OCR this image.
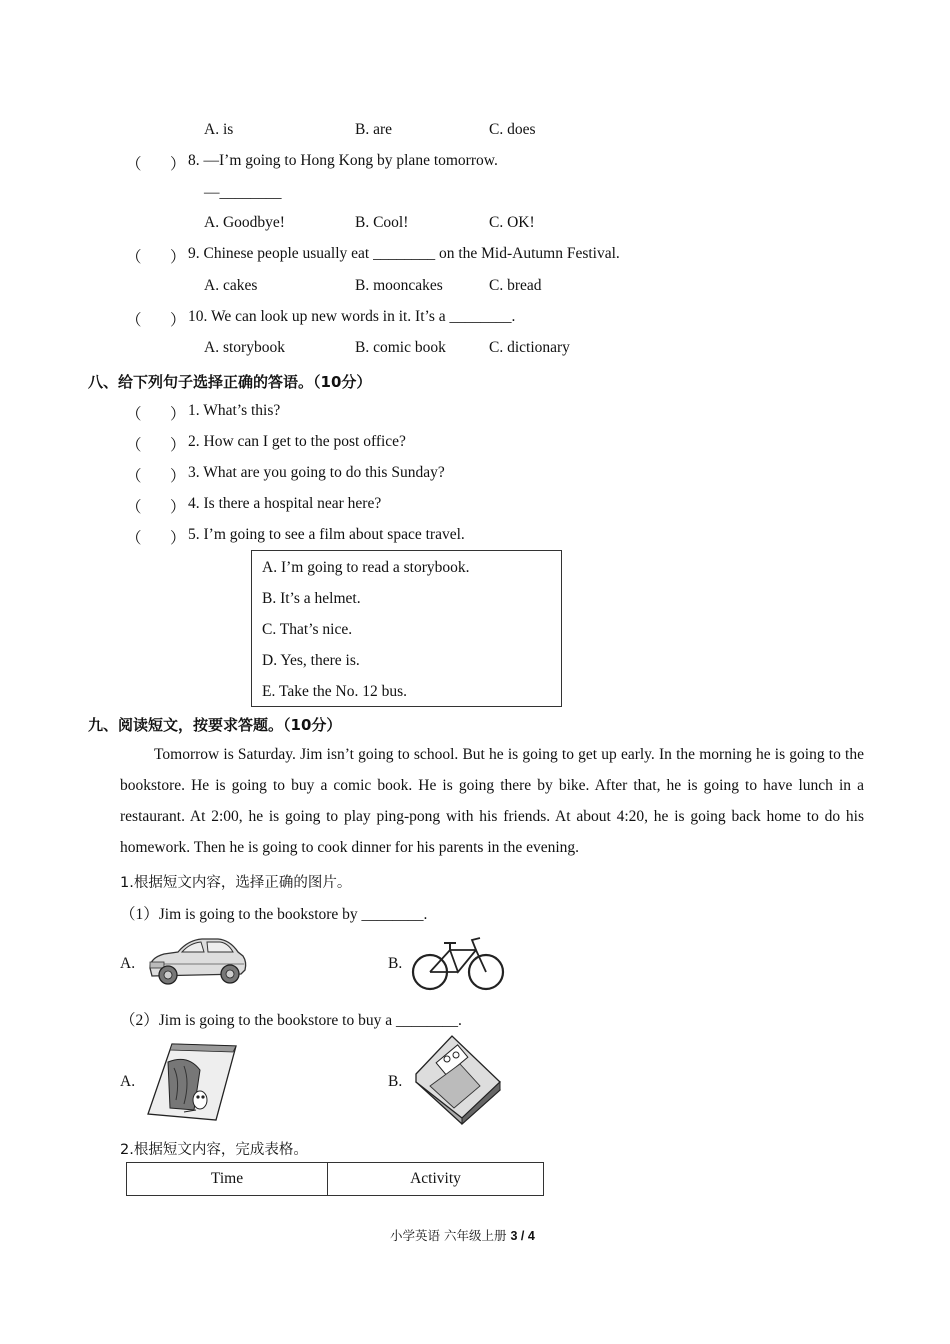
A. is	B. are	C. does
（ ） 8. —I’m going to Hong Kong by plane tomorrow.
—________
A. Goodbye!	B. Cool!	C. OK!
（ ） 9. Chinese people usually eat ________ on the Mid-Autumn Festival.
A. cakes	B. mooncakes	C. bread
（ ） 10. We can look up new words in it. It’s a ________.
A. storybook	B. comic book	C. dictionary
八、给下列句子选择正确的答语。（10分）
（ ） 1. What’s this?
（ ） 2. How can I get to the post office?
（ ） 3. What are you going to do this Sunday?
（ ） 4. Is there a hospital near here?
（ ） 5. I’m going to see a film about space travel.
A. I’m going to read a storybook.
B. It’s a helmet.
C. That’s nice.
D. Yes, there is.
E. Take the No. 12 bus.
九、阅读短文，按要求答题。（10分）
Tomorrow is Saturday. Jim isn’t going to school. But he is going to get up early. In the morning he is going to the bookstore. He is going to buy a comic book. He is going there by bike. After that, he is going to have lunch in a restaurant. At 2:00, he is going to play ping-pong with his friends. At about 4:20, he is going back home to do his homework. Then he is going to cook dinner for his parents in the evening.
1.根据短文内容，选择正确的图片。
（1）Jim is going to the bookstore by ________.
A.	B.
（2）Jim is going to the bookstore to buy a ________.
A.	B.
2.根据短文内容，完成表格。
Time	Activity
小学英语 六年级上册 3 / 4
